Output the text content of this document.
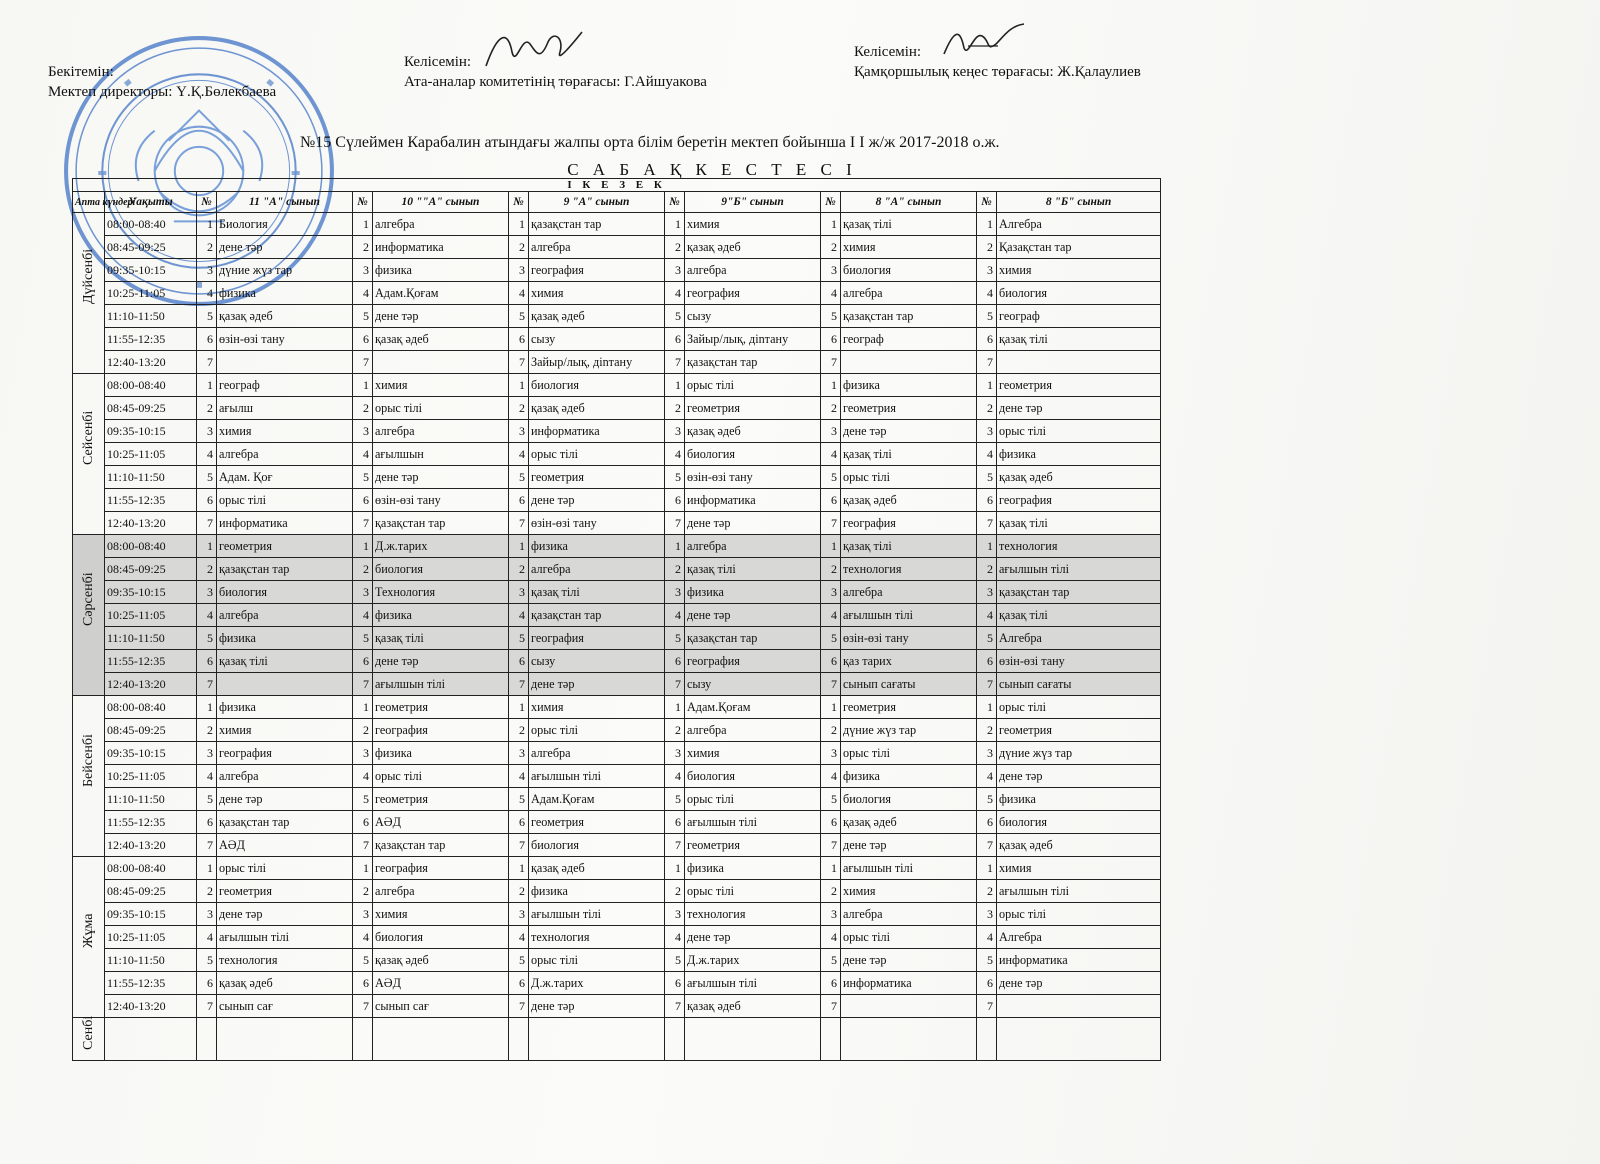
Бекітемін:
Мектеп директоры: Ү.Қ.Бөлекбаева
Келісемін:
Ата-аналар комитетінің төрағасы: Г.Айшуакова
Келісемін:
Қамқоршылық кеңес төрағасы: Ж.Қалаулиев
№15 Сүлеймен Карабалин атындағы жалпы орта білім беретін мектеп бойынша І І ж/ж 2017-2018 о.ж.
С А Б А Қ К Е С Т Е С І
І К Е З Е К													
Апта күндері	Уақыты	№	11 "А" сынып	№	10 ""А" сынып	№	9 "А" сынып	№	9"Б" сынып	№	8 "А" сынып	№	8 "Б" сынып

Дүйсенбі	08:00-08:40	1	Биология	1	алгебра	1	қазақстан тар	1	химия	1	қазақ тілі	1	Алгебра
	08:45-09:25	2	дене тәр	2	информатика	2	алгебра	2	қазақ әдеб	2	химия	2	Қазақстан тар
	09:35-10:15	3	дүние жүз тар	3	физика	3	география	3	алгебра	3	биология	3	химия
	10:25-11:05	4	физика	4	Адам.Қоғам	4	химия	4	география	4	алгебра	4	биология
	11:10-11:50	5	қазақ әдеб	5	дене тәр	5	қазақ әдеб	5	сызу	5	қазақстан тар	5	географ
	11:55-12:35	6	өзін-өзі тану	6	қазақ әдеб	6	сызу	6	Зайыр/лық, діnтану	6	географ	6	қазақ тілі
	12:40-13:20	7		7		7	Зайыр/лық, діnтану	7	қазақстан тар	7		7	

Сейсенбі	08:00-08:40	1	географ	1	химия	1	биология	1	орыс тілі	1	физика	1	геометрия
	08:45-09:25	2	ағылш	2	орыс тілі	2	қазақ әдеб	2	геометрия	2	геометрия	2	дене тәр
	09:35-10:15	3	химия	3	алгебра	3	информатика	3	қазақ әдеб	3	дене тәр	3	орыс тілі
	10:25-11:05	4	алгебра	4	ағылшын	4	орыс тілі	4	биология	4	қазақ тілі	4	физика
	11:10-11:50	5	Адам. Қоғ	5	дене тәр	5	геометрия	5	өзін-өзі тану	5	орыс тілі	5	қазақ әдеб
	11:55-12:35	6	орыс тілі	6	өзін-өзі тану	6	дене тәр	6	информатика	6	қазақ әдеб	6	география
	12:40-13:20	7	информатика	7	қазақстан тар	7	өзін-өзі тану	7	дене тәр	7	география	7	қазақ тілі

Сәрсенбі	08:00-08:40	1	геометрия	1	Д.ж.тарих	1	физика	1	алгебра	1	қазақ тілі	1	технология
	08:45-09:25	2	қазақстан тар	2	биология	2	алгебра	2	қазақ тілі	2	технология	2	ағылшын тілі
	09:35-10:15	3	биология	3	Технология	3	қазақ тілі	3	физика	3	алгебра	3	қазақстан тар
	10:25-11:05	4	алгебра	4	физика	4	қазақстан тар	4	дене тәр	4	ағылшын тілі	4	қазақ тілі
	11:10-11:50	5	физика	5	қазақ тілі	5	география	5	қазақстан тар	5	өзін-өзі тану	5	Алгебра
	11:55-12:35	6	қазақ тілі	6	дене тәр	6	сызу	6	география	6	қаз тарих	6	өзін-өзі тану
	12:40-13:20	7		7	ағылшын тілі	7	дене тәр	7	сызу	7	сынып сағаты	7	сынып сағаты

Бейсенбі	08:00-08:40	1	физика	1	геометрия	1	химия	1	Адам.Қоғам	1	геометрия	1	орыс тілі
	08:45-09:25	2	химия	2	география	2	орыс тілі	2	алгебра	2	дүние жүз тар	2	геометрия
	09:35-10:15	3	география	3	физика	3	алгебра	3	химия	3	орыс тілі	3	дүние жүз тар
	10:25-11:05	4	алгебра	4	орыс тілі	4	ағылшын тілі	4	биология	4	физика	4	дене тәр
	11:10-11:50	5	дене тәр	5	геометрия	5	Адам.Қоғам	5	орыс тілі	5	биология	5	физика
	11:55-12:35	6	қазақстан тар	6	АӘД	6	геометрия	6	ағылшын тілі	6	қазақ әдеб	6	биология
	12:40-13:20	7	АӘД	7	қазақстан тар	7	биология	7	геометрия	7	дене тәр	7	қазақ әдеб

Жұма	08:00-08:40	1	орыс тілі	1	география	1	қазақ әдеб	1	физика	1	ағылшын тілі	1	химия
	08:45-09:25	2	геометрия	2	алгебра	2	физика	2	орыс тілі	2	химия	2	ағылшын тілі
	09:35-10:15	3	дене тәр	3	химия	3	ағылшын тілі	3	технология	3	алгебра	3	орыс тілі
	10:25-11:05	4	ағылшын тілі	4	биология	4	технология	4	дене тәр	4	орыс тілі	4	Алгебра
	11:10-11:50	5	технология	5	қазақ әдеб	5	орыс тілі	5	Д.ж.тарих	5	дене тәр	5	информатика
	11:55-12:35	6	қазақ әдеб	6	АӘД	6	Д.ж.тарих	6	ағылшын тілі	6	информатика	6	дене тәр
	12:40-13:20	7	сынып сағ	7	сынып сағ	7	дене тәр	7	қазақ әдеб	7		7	

Сенбі													
